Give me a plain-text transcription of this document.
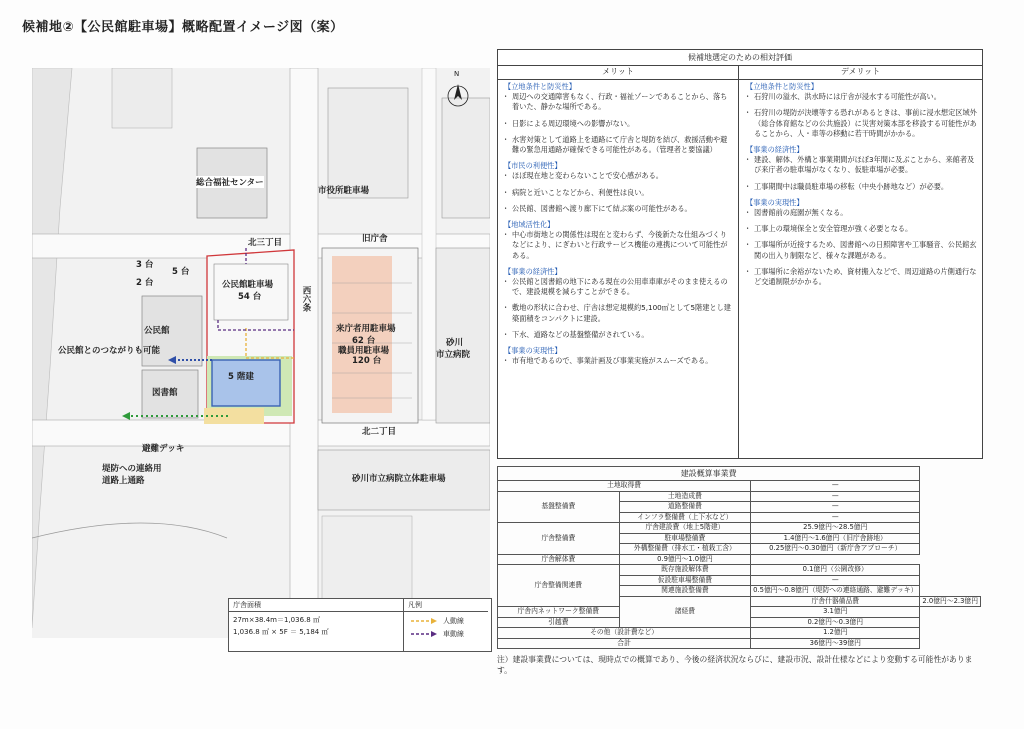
候補地②【公民館駐車場】概略配置イメージ図（案）
N
総合福祉センター
市役所駐車場
北三丁目	旧庁舎
3 台
5 台
2 台	公民館駐車場
54 台	西六条
公民館
公民館とのつながりも可能
5 階建
来庁者用駐車場
62 台
職員用駐車場
120 台
砂川
市立病院
図書館
避難デッキ
北二丁目
堤防への連絡用
道路上通路	砂川市立病院立体駐車場
庁舎面積	凡例
27m×38.4m＝1,036.8 ㎡
1,036.8 ㎡ × 5F ＝ 5,184 ㎡
人動線
車動線
候補地選定のための相対評価
メリット	デメリット
【立地条件と防災性】
・ 周辺への交通障害もなく、行政・福祉ゾーンであることから、落ち着いた、静かな場所である。
・ 日影による周辺環境への影響がない。
・ 水害対策として道路上を通路にて庁舎と堤防を結び、救援活動や避難の緊急用通路が確保できる可能性がある。（管理者と要協議）
【市民の利便性】
・ ほぼ現在地と変わらないことで安心感がある。
・ 病院と近いことなどから、利便性は良い。
・ 公民館、図書館へ渡り廊下にて結ぶ案の可能性がある。
【地域活性化】
・ 中心市街地との関係性は現在と変わらず、今後新たな仕組みづくりなどにより、にぎわいと行政サービス機能の連携について可能性がある。
【事業の経済性】
・ 公民館と図書館の地下にある現在の公用車車庫がそのまま使えるので、建設規模を減らすことができる。
・ 敷地の形状に合わせ、庁舎は想定規模約5,100㎡として5階建とし建築面積をコンパクトに建設。
・ 下水、道路などの基盤整備がされている。
【事業の実現性】
・ 市有地であるので、事業計画及び事業実施がスムーズである。
【立地条件と防災性】
・ 石狩川の溢水、洪水時には庁舎が浸水する可能性が高い。
・ 石狩川の堤防が決壊等する恐れがあるときは、事前に浸水想定区域外（総合体育館などの公共施設）に災害対策本部を移設する可能性があることから、人・車等の移動に若干時間がかかる。
【事業の経済性】
・ 建設、解体、外構と事業期間がほぼ3年間に及ぶことから、来館者及び来庁者の駐車場がなくなり、仮駐車場が必要。
・ 工事期間中は職員駐車場の移転（中央小跡地など）が必要。
【事業の実現性】
・ 図書館前の庭園が無くなる。
・ 工事上の環境保全と安全管理が強く必要となる。
・ 工事場所が近接するため、図書館への日照障害や工事騒音、公民館玄関の出入り制限など、様々な課題がある。
・ 工事場所に余裕がないため、資材搬入などで、周辺道路の片側通行など交通制限がかかる。
建設概算事業費			
土地取得費		—	
基盤整備費	土地造成費	—	
	道路整備費	—	
	インフラ整備費（上下水など）	—	
庁舎整備費	庁舎建設費（地上5階建）	25.9億円～28.5億円	
	駐車場整備費	1.4億円～1.6億円（旧庁舎跡地）	
	外構整備費（排水工・植栽工含）	0.25億円～0.30億円（新庁舎アプローチ）	
庁舎解体費	0.9億円～1.0億円		
庁舎整備関連費	既存施設解体費	0.1億円（公園改修）	
	仮設駐車場整備費	—	
	関連施設整備費	0.5億円～0.8億円（堤防への連絡通路、避難デッキ）	
	諸経費	庁舎什器備品費	2.0億円～2.3億円
庁舎内ネットワーク整備費		3.1億円	
引越費		0.2億円～0.3億円	
その他（設計費など）		1.2億円	
合計		36億円～39億円	
注）建設事業費については、現時点での概算であり、今後の経済状況ならびに、建設市況、設計仕様などにより変動する可能性があります。
